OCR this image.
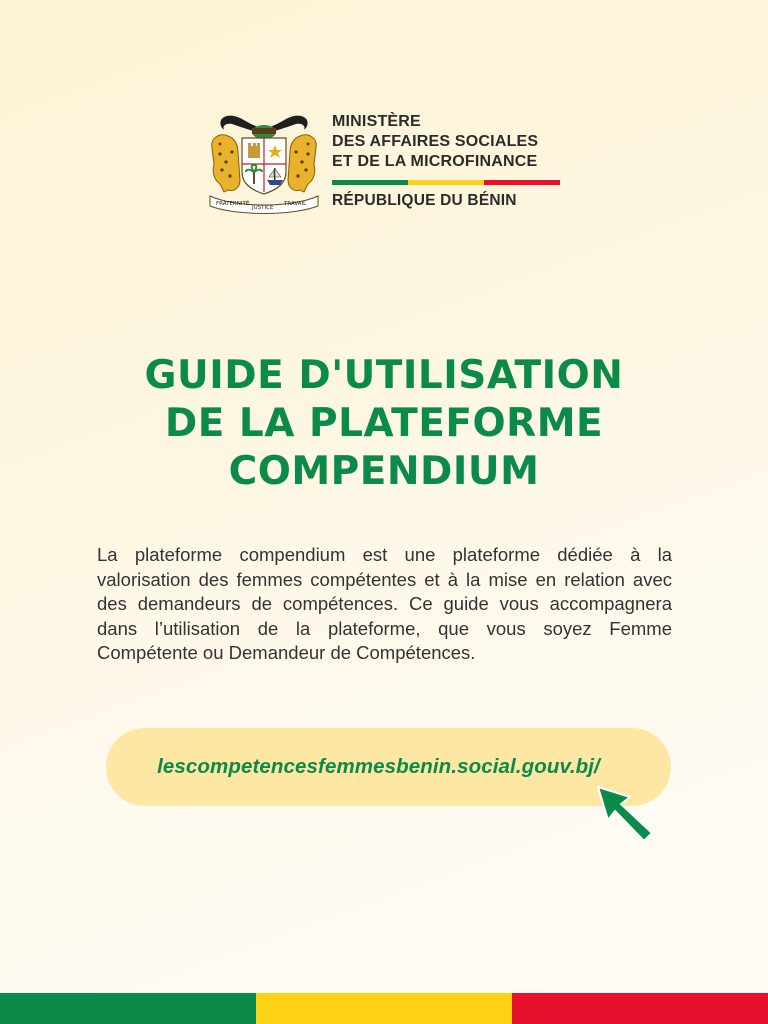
FRATERNITÉ
JUSTICE
TRAVAIL
MINISTÈRE
DES AFFAIRES SOCIALES
ET DE LA MICROFINANCE
RÉPUBLIQUE DU BÉNIN
GUIDE D'UTILISATION
DE LA PLATEFORME
COMPENDIUM

La plateforme compendium est une plateforme dédiée à la valorisation des femmes compétentes et à la mise en relation avec des demandeurs de compétences. Ce guide vous accompagnera dans l’utilisation de la plateforme, que vous soyez Femme Compétente ou Demandeur de Compétences.

lescompetencesfemmesbenin.social.gouv.bj/
